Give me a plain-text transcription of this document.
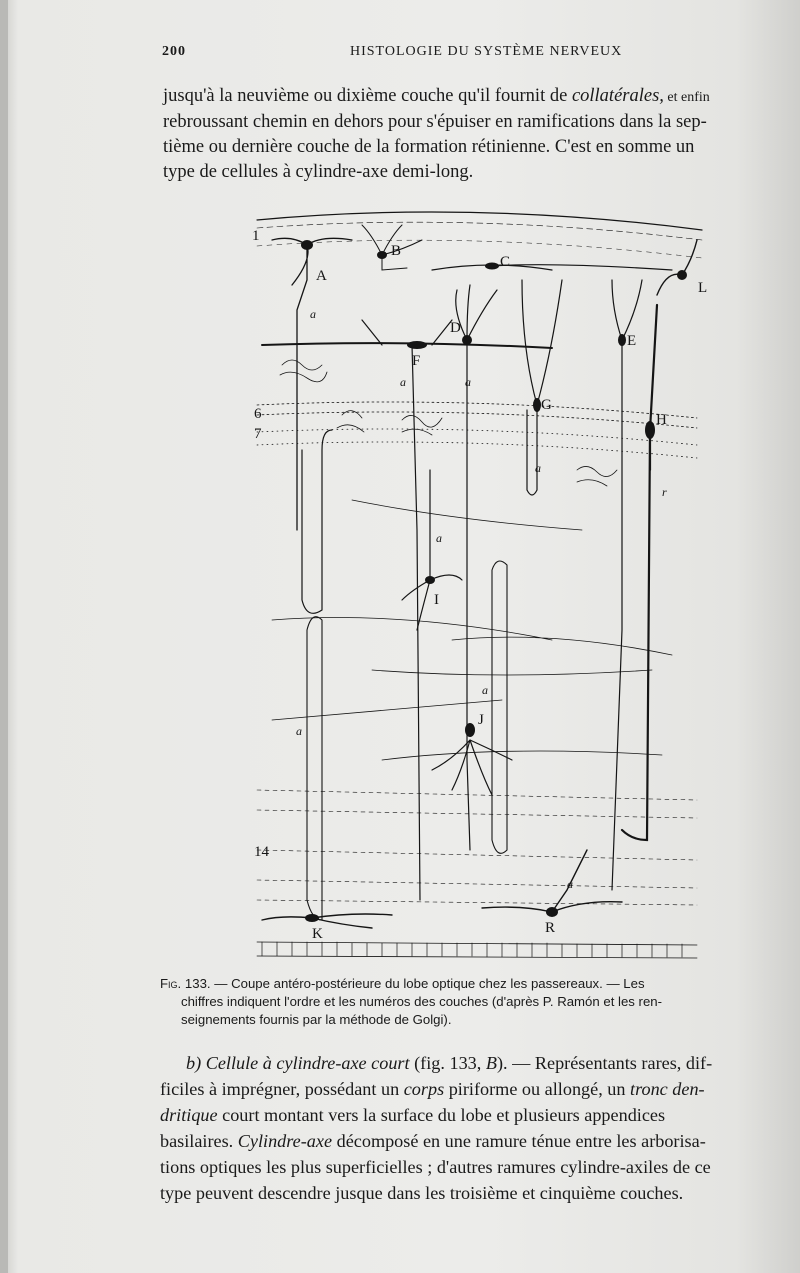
200	HISTOLOGIE DU SYSTÈME NERVEUX
jusqu'à la neuvième ou dixième couche qu'il fournit de collatérales, et enfin
rebroussant chemin en dehors pour s'épuiser en ramifications dans la sep-
tième ou dernière couche de la formation rétinienne. C'est en somme un
type de cellules à cylindre-axe demi-long.
1
6
7
14
A
B
C
D
E
F
G
H
I
J
K
L
R
a
a	a
a
a
a
a
a
r
Fig. 133. — Coupe antéro-postérieure du lobe optique chez les passereaux. — Les
chiffres indiquent l'ordre et les numéros des couches (d'après P. Ramón et les ren-
seignements fournis par la méthode de Golgi).
b) Cellule à cylindre-axe court (fig. 133, B). — Représentants rares, dif-
ficiles à imprégner, possédant un corps piriforme ou allongé, un tronc den-
dritique court montant vers la surface du lobe et plusieurs appendices
basilaires. Cylindre-axe décomposé en une ramure ténue entre les arborisa-
tions optiques les plus superficielles ; d'autres ramures cylindre-axiles de ce
type peuvent descendre jusque dans les troisième et cinquième couches.
